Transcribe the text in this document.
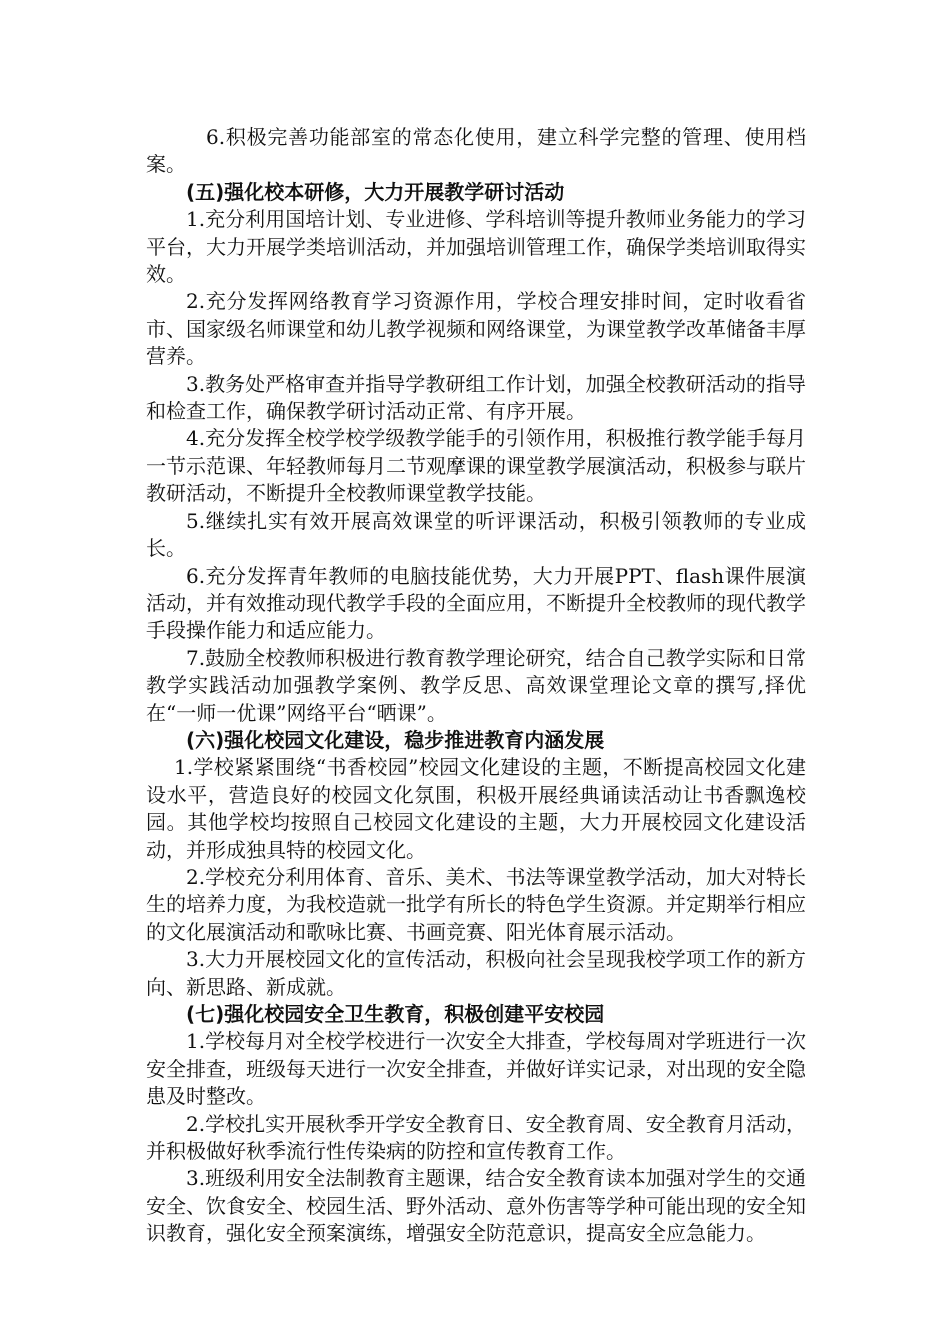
6.积极完善功能部室的常态化使用，建立科学完整的管理、使用档案。

(五)强化校本研修，大力开展教学研讨活动

1.充分利用国培计划、专业进修、学科培训等提升教师业务能力的学习平台，大力开展学类培训活动，并加强培训管理工作，确保学类培训取得实效。

2.充分发挥网络教育学习资源作用，学校合理安排时间，定时收看省市、国家级名师课堂和幼儿教学视频和网络课堂，为课堂教学改革储备丰厚营养。

3.教务处严格审查并指导学教研组工作计划，加强全校教研活动的指导和检查工作，确保教学研讨活动正常、有序开展。

4.充分发挥全校学校学级教学能手的引领作用，积极推行教学能手每月一节示范课、年轻教师每月二节观摩课的课堂教学展演活动，积极参与联片教研活动，不断提升全校教师课堂教学技能。

5.继续扎实有效开展高效课堂的听评课活动，积极引领教师的专业成长。

6.充分发挥青年教师的电脑技能优势，大力开展PPT、flash课件展演活动，并有效推动现代教学手段的全面应用，不断提升全校教师的现代教学手段操作能力和适应能力。

7.鼓励全校教师积极进行教育教学理论研究，结合自己教学实际和日常教学实践活动加强教学案例、教学反思、高效课堂理论文章的撰写,择优在“一师一优课”网络平台“晒课”。

(六)强化校园文化建设，稳步推进教育内涵发展

1.学校紧紧围绕“书香校园”校园文化建设的主题，不断提高校园文化建设水平，营造良好的校园文化氛围，积极开展经典诵读活动让书香飘逸校园。其他学校均按照自己校园文化建设的主题，大力开展校园文化建设活动，并形成独具特的校园文化。

2.学校充分利用体育、音乐、美术、书法等课堂教学活动，加大对特长生的培养力度，为我校造就一批学有所长的特色学生资源。并定期举行相应的文化展演活动和歌咏比赛、书画竞赛、阳光体育展示活动。

3.大力开展校园文化的宣传活动，积极向社会呈现我校学项工作的新方向、新思路、新成就。

(七)强化校园安全卫生教育，积极创建平安校园

1.学校每月对全校学校进行一次安全大排查，学校每周对学班进行一次安全排查，班级每天进行一次安全排查，并做好详实记录，对出现的安全隐患及时整改。

2.学校扎实开展秋季开学安全教育日、安全教育周、安全教育月活动，并积极做好秋季流行性传染病的防控和宣传教育工作。

3.班级利用安全法制教育主题课，结合安全教育读本加强对学生的交通安全、饮食安全、校园生活、野外活动、意外伤害等学种可能出现的安全知识教育，强化安全预案演练，增强安全防范意识，提高安全应急能力。
